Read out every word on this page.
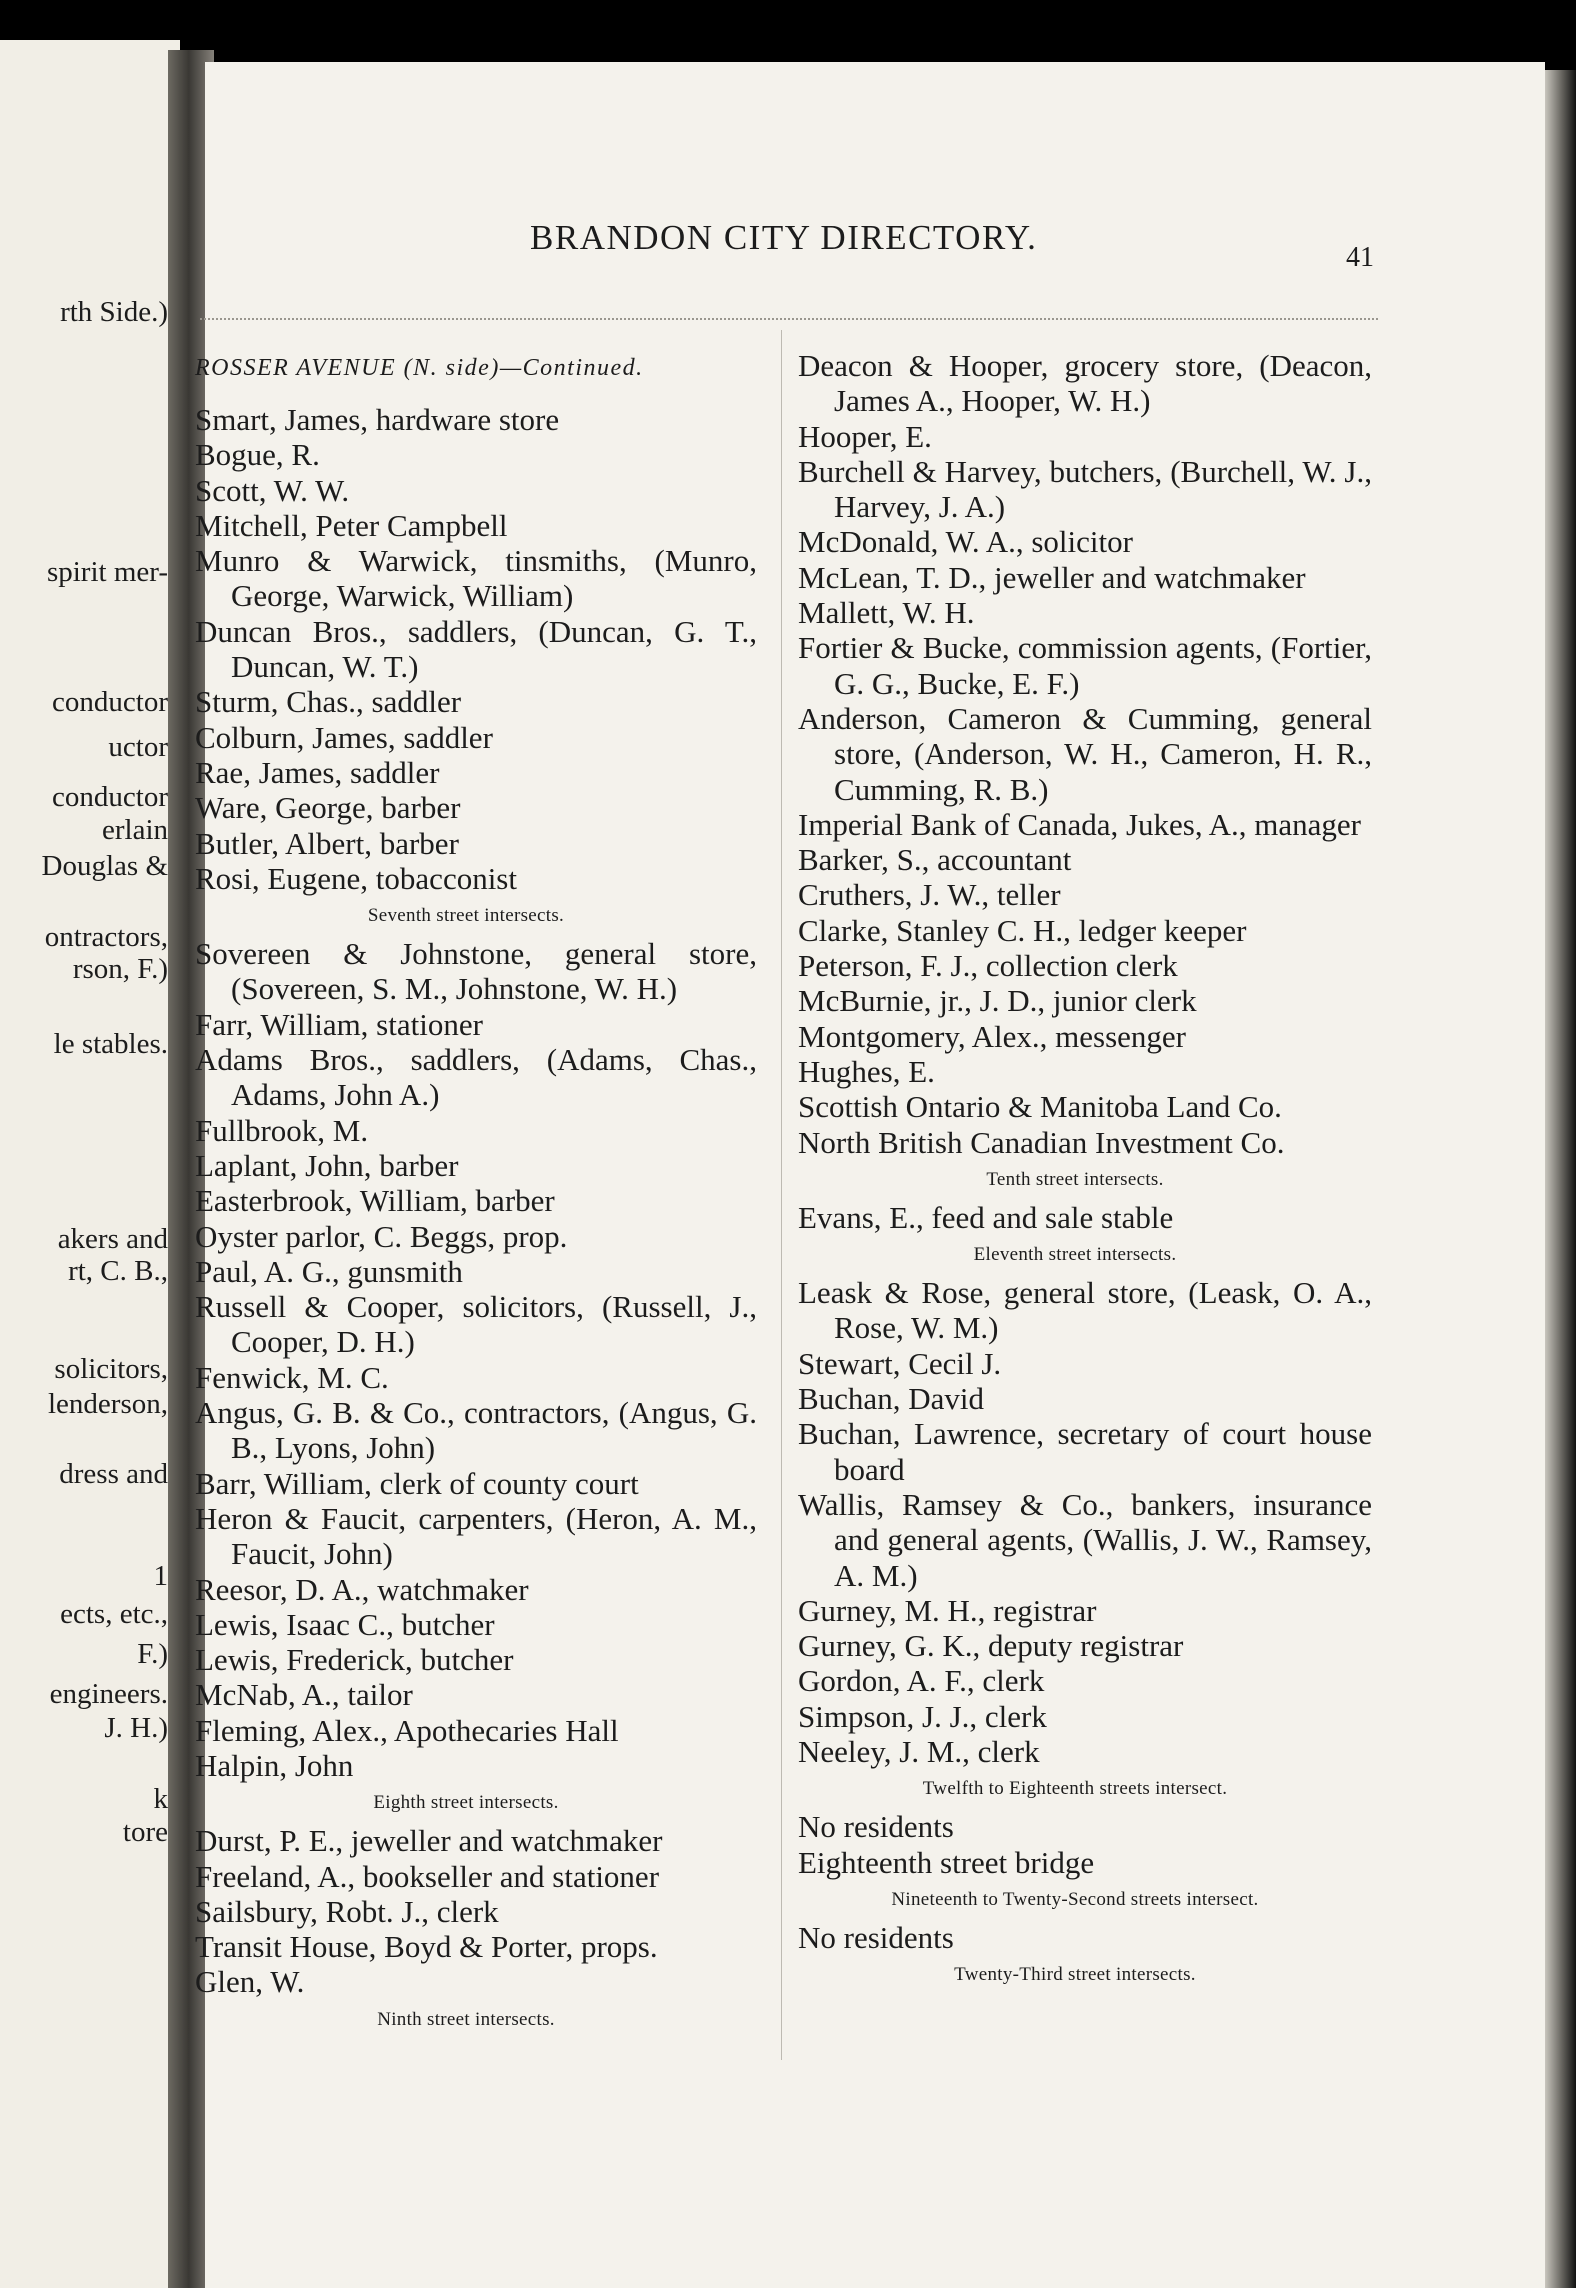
rth Side.)
spirit mer-
conductor
uctor
conductor
erlain
Douglas &
ontractors,
rson, F.)
le stables.
akers and
rt, C. B.,
solicitors,
lenderson,
dress and
1
ects, etc.,
F.)
engineers.
J. H.)
k
tore
BRANDON CITY DIRECTORY.
41
ROSSER AVENUE (N. side)—Continued.
Smart, James, hardware store
Bogue, R.
Scott, W. W.
Mitchell, Peter Campbell
Munro & Warwick, tinsmiths, (Munro, George, Warwick, William)
Duncan Bros., saddlers, (Duncan, G. T., Duncan, W. T.)
Sturm, Chas., saddler
Colburn, James, saddler
Rae, James, saddler
Ware, George, barber
Butler, Albert, barber
Rosi, Eugene, tobacconist
Seventh street intersects.
Sovereen & Johnstone, general store, (Sovereen, S. M., Johnstone, W. H.)
Farr, William, stationer
Adams Bros., saddlers, (Adams, Chas., Adams, John A.)
Fullbrook, M.
Laplant, John, barber
Easterbrook, William, barber
Oyster parlor, C. Beggs, prop.
Paul, A. G., gunsmith
Russell & Cooper, solicitors, (Russell, J., Cooper, D. H.)
Fenwick, M. C.
Angus, G. B. & Co., contractors, (Angus, G. B., Lyons, John)
Barr, William, clerk of county court
Heron & Faucit, carpenters, (Heron, A. M., Faucit, John)
Reesor, D. A., watchmaker
Lewis, Isaac C., butcher
Lewis, Frederick, butcher
McNab, A., tailor
Fleming, Alex., Apothecaries Hall
Halpin, John
Eighth street intersects.
Durst, P. E., jeweller and watchmaker
Freeland, A., bookseller and stationer
Sailsbury, Robt. J., clerk
Transit House, Boyd & Porter, props.
Glen, W.
Ninth street intersects.
Deacon & Hooper, grocery store, (Deacon, James A., Hooper, W. H.)
Hooper, E.
Burchell & Harvey, butchers, (Burchell, W. J., Harvey, J. A.)
McDonald, W. A., solicitor
McLean, T. D., jeweller and watchmaker
Mallett, W. H.
Fortier & Bucke, commission agents, (Fortier, G. G., Bucke, E. F.)
Anderson, Cameron & Cumming, general store, (Anderson, W. H., Cameron, H. R., Cumming, R. B.)
Imperial Bank of Canada, Jukes, A., manager
Barker, S., accountant
Cruthers, J. W., teller
Clarke, Stanley C. H., ledger keeper
Peterson, F. J., collection clerk
McBurnie, jr., J. D., junior clerk
Montgomery, Alex., messenger
Hughes, E.
Scottish Ontario & Manitoba Land Co.
North British Canadian Investment Co.
Tenth street intersects.
Evans, E., feed and sale stable
Eleventh street intersects.
Leask & Rose, general store, (Leask, O. A., Rose, W. M.)
Stewart, Cecil J.
Buchan, David
Buchan, Lawrence, secretary of court house board
Wallis, Ramsey & Co., bankers, insurance and general agents, (Wallis, J. W., Ramsey, A. M.)
Gurney, M. H., registrar
Gurney, G. K., deputy registrar
Gordon, A. F., clerk
Simpson, J. J., clerk
Neeley, J. M., clerk
Twelfth to Eighteenth streets intersect.
No residents
Eighteenth street bridge
Nineteenth to Twenty-Second streets intersect.
No residents
Twenty-Third street intersects.
